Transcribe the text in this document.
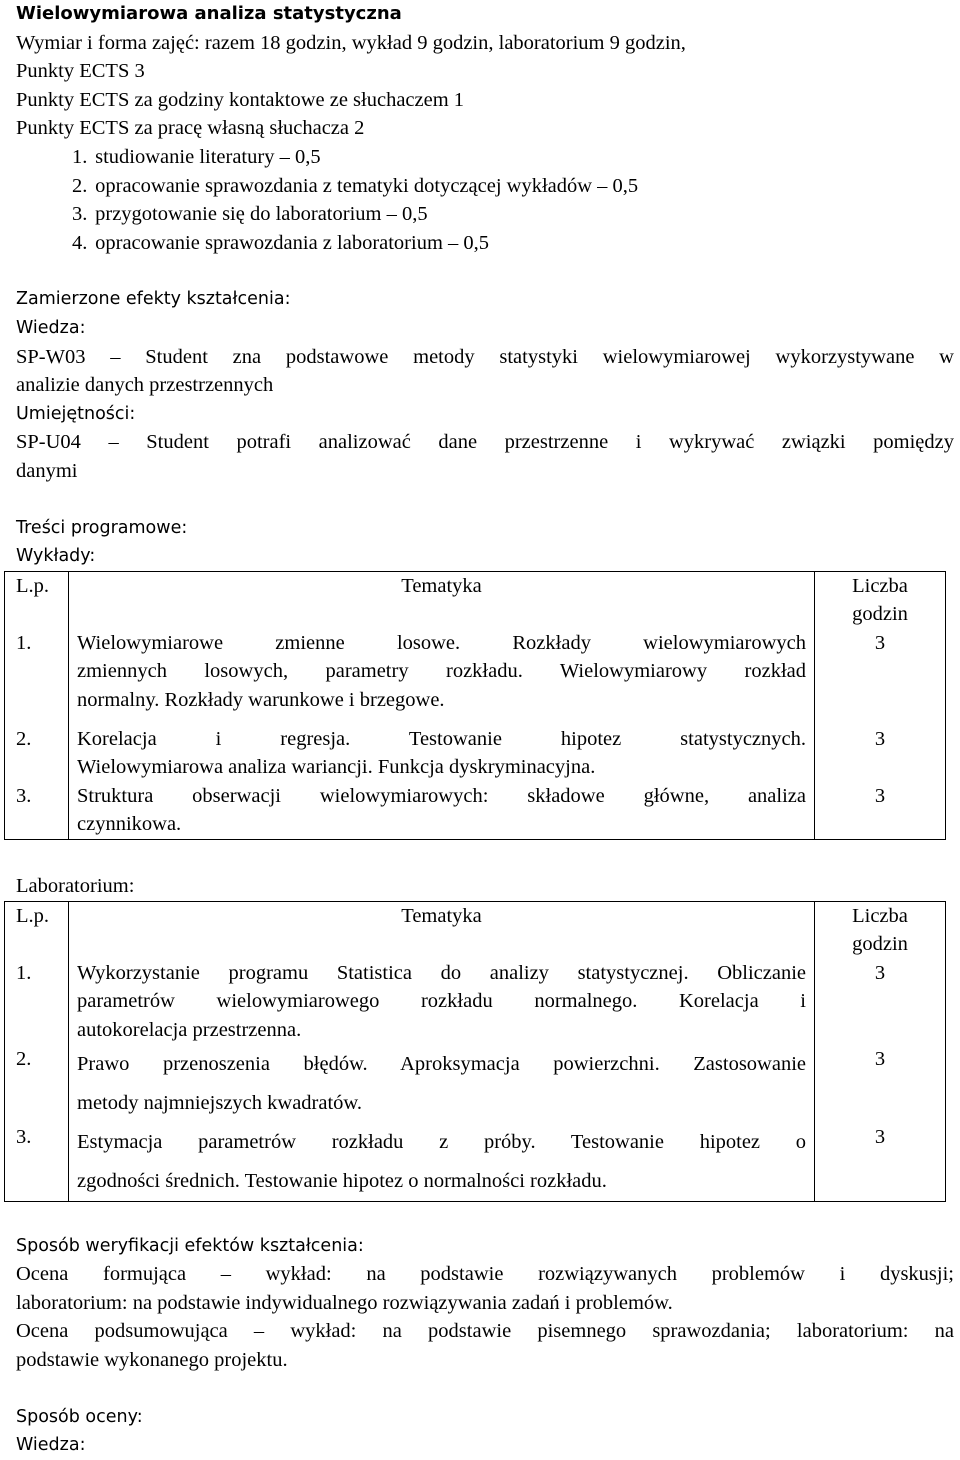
Wielowymiarowa analiza statystyczna
Wymiar i forma zajęć: razem 18 godzin, wykład 9 godzin, laboratorium 9 godzin,
Punkty ECTS 3
Punkty ECTS za godziny kontaktowe ze słuchaczem 1
Punkty ECTS za pracę własną słuchacza 2
1. studiowanie literatury – 0,5
2. opracowanie sprawozdania z tematyki dotyczącej wykładów – 0,5
3. przygotowanie się do laboratorium – 0,5
4. opracowanie sprawozdania z laboratorium – 0,5
Zamierzone efekty kształcenia:
Wiedza:
SP-W03 – Student zna podstawowe metody statystyki wielowymiarowej wykorzystywane w
analizie danych przestrzennych
Umiejętności:
SP-U04 – Student potrafi analizować dane przestrzenne i wykrywać związki pomiędzy
danymi
Treści programowe:
Wykłady:
L.p.	Tematyka	Liczba
godzin

1.	Wielowymiarowe zmienne losowe. Rozkłady wielowymiarowych

zmiennych losowych, parametry rozkładu. Wielowymiarowy rozkład

normalny. Rozkłady warunkowe i brzegowe.	3
2.	Korelacja i regresja. Testowanie hipotez statystycznych.

Wielowymiarowa analiza wariancji. Funkcja dyskryminacyjna.	3
3.	Struktura obserwacji wielowymiarowych: składowe główne, analiza

czynnikowa.	3
Laboratorium:
L.p.	Tematyka	Liczba
godzin

1.	Wykorzystanie programu Statistica do analizy statystycznej. Obliczanie

parametrów wielowymiarowego rozkładu normalnego. Korelacja i

autokorelacja przestrzenna.	3
2.	Prawo przenoszenia błędów. Aproksymacja powierzchni. Zastosowanie

metody najmniejszych kwadratów.	3
3.	Estymacja parametrów rozkładu z próby. Testowanie hipotez o

zgodności średnich. Testowanie hipotez o normalności rozkładu.	3
Sposób weryfikacji efektów kształcenia:
Ocena formująca – wykład: na podstawie rozwiązywanych problemów i dyskusji;
laboratorium: na podstawie indywidualnego rozwiązywania zadań i problemów.
Ocena podsumowująca – wykład: na podstawie pisemnego sprawozdania; laboratorium: na
podstawie wykonanego projektu.
Sposób oceny:
Wiedza:
